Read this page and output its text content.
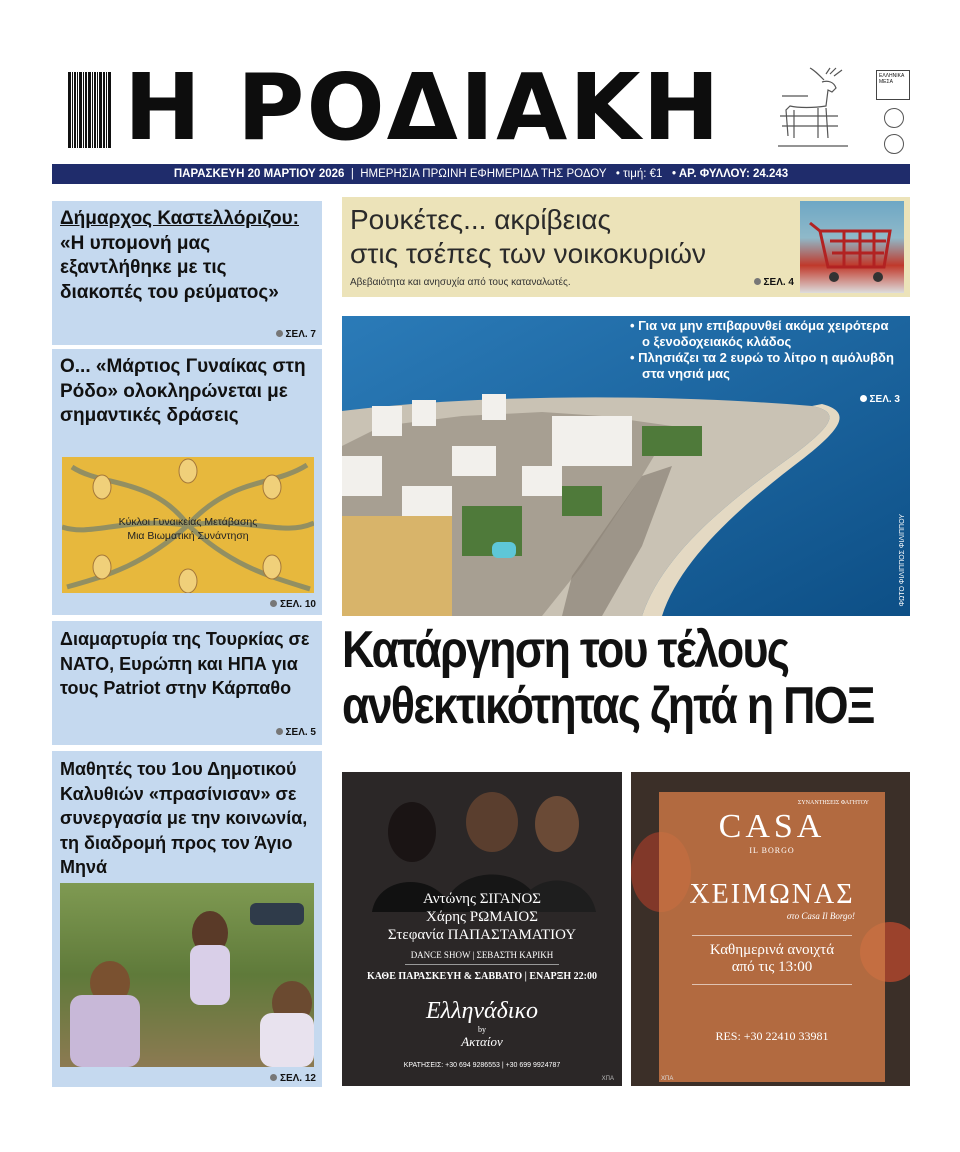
Η ΡΟΔΙΑΚΗ	ΕΛΛΗΝΙΚΑ ΜΕΣΑ
ΠΑΡΑΣΚΕΥΗ 20 ΜΑΡΤΙΟΥ 2026 | ΗΜΕΡΗΣΙΑ ΠΡΩΙΝΗ ΕΦΗΜΕΡΙΔΑ ΤΗΣ ΡΟΔΟΥ • τιμή: €1 • ΑΡ. ΦΥΛΛΟΥ: 24.243
Δήμαρχος Καστελλόριζου:
«Η υπομονή μας εξαντλήθηκε με τις διακοπές του ρεύματος»
ΣΕΛ. 7
Ο... «Μάρτιος Γυναίκας στη Ρόδο» ολοκληρώνεται με σημαντικές δράσεις
Κύκλοι Γυναικείας Μετάβασης
Μια Βιωματική Συνάντηση
ΣΕΛ. 10
Διαμαρτυρία της Τουρκίας σε ΝΑΤΟ, Ευρώπη και ΗΠΑ για τους Patriot στην Κάρπαθο
ΣΕΛ. 5
Μαθητές του 1ου Δημοτικού Καλυθιών «πρασίνισαν» σε συνεργασία με την κοινωνία, τη διαδρομή προς τον Άγιο Μηνά
ΣΕΛ. 12
Ρουκέτες... ακρίβειας
στις τσέπες των νοικοκυριών
Αβεβαιότητα και ανησυχία από τους καταναλωτές.	ΣΕΛ. 4
• Για να μην επιβαρυνθεί ακόμα χειρότερα ο ξενοδοχειακός κλάδος
• Πλησιάζει τα 2 ευρώ το λίτρο η αμόλυβδη στα νησιά μας
ΣΕΛ. 3
ΦΩΤΟ ΦΙΛΙΠΠΟΣ ΦΙΛΙΠΠΟΥ
Κατάργηση του τέλους
ανθεκτικότητας ζητά η ΠΟΞ
Αντώνης ΣΙΓΑΝΟΣ
Χάρης ΡΩΜΑΙΟΣ
Στεφανία ΠΑΠΑΣΤΑΜΑΤΙΟΥ
DANCE SHOW | ΣΕΒΑΣΤΗ ΚΑΡΙΚΗ
ΚΑΘΕ ΠΑΡΑΣΚΕΥΗ & ΣΑΒΒΑΤΟ | ΕΝΑΡΞΗ 22:00
Ελληνάδικο
by
Ακταίον
ΚΡΑΤΗΣΕΙΣ: +30 694 9286553 | +30 699 9924787
ΧΠΑ
ΣΥΝΑΝΤΗΣΕΙΣ ΦΑΓΗΤΟΥ
CASA
IL BORGO
ΧΕΙΜΩΝΑΣ
στο Casa Il Borgo!
Καθημερινά ανοιχτά
από τις 13:00
RES: +30 22410 33981
ΧΠΑ
